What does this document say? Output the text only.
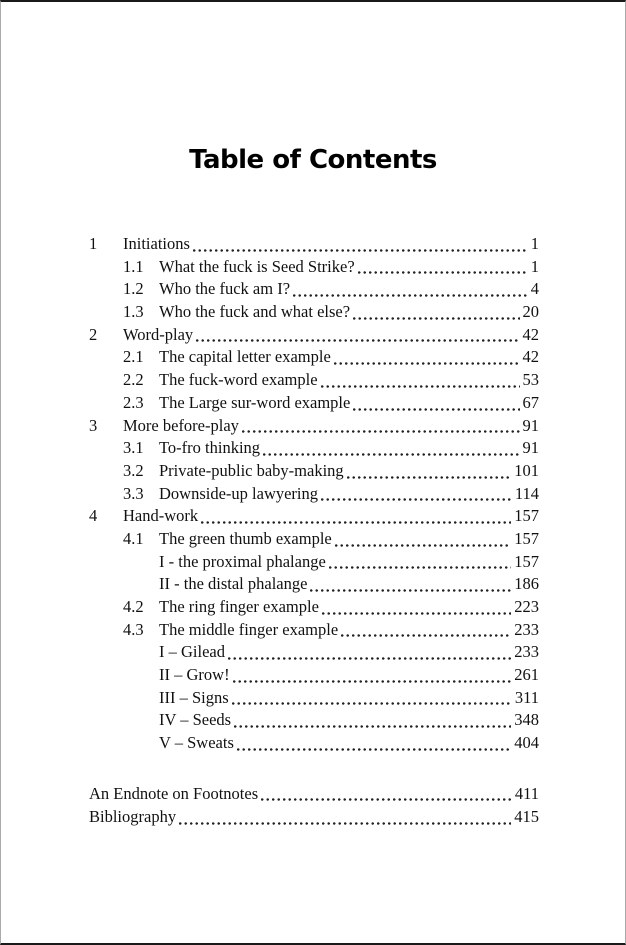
Table of Contents
1	Initiations	1
1.1 What the fuck is Seed Strike?	1
1.2 Who the fuck am I?	4
1.3 Who the fuck and what else?	20
2	Word-play	42
2.1 The capital letter example	42
2.2 The fuck-word example	53
2.3 The Large sur-word example	67
3	More before-play	91
3.1 To-fro thinking	91
3.2 Private-public baby-making	101
3.3 Downside-up lawyering	114
4	Hand-work	157
4.1 The green thumb example	157
I - the proximal phalange	157
II - the distal phalange	186
4.2 The ring finger example	223
4.3 The middle finger example	233
I – Gilead	233
II – Grow!	261
III – Signs	311
IV – Seeds	348
V – Sweats	404
An Endnote on Footnotes	411
Bibliography	415
